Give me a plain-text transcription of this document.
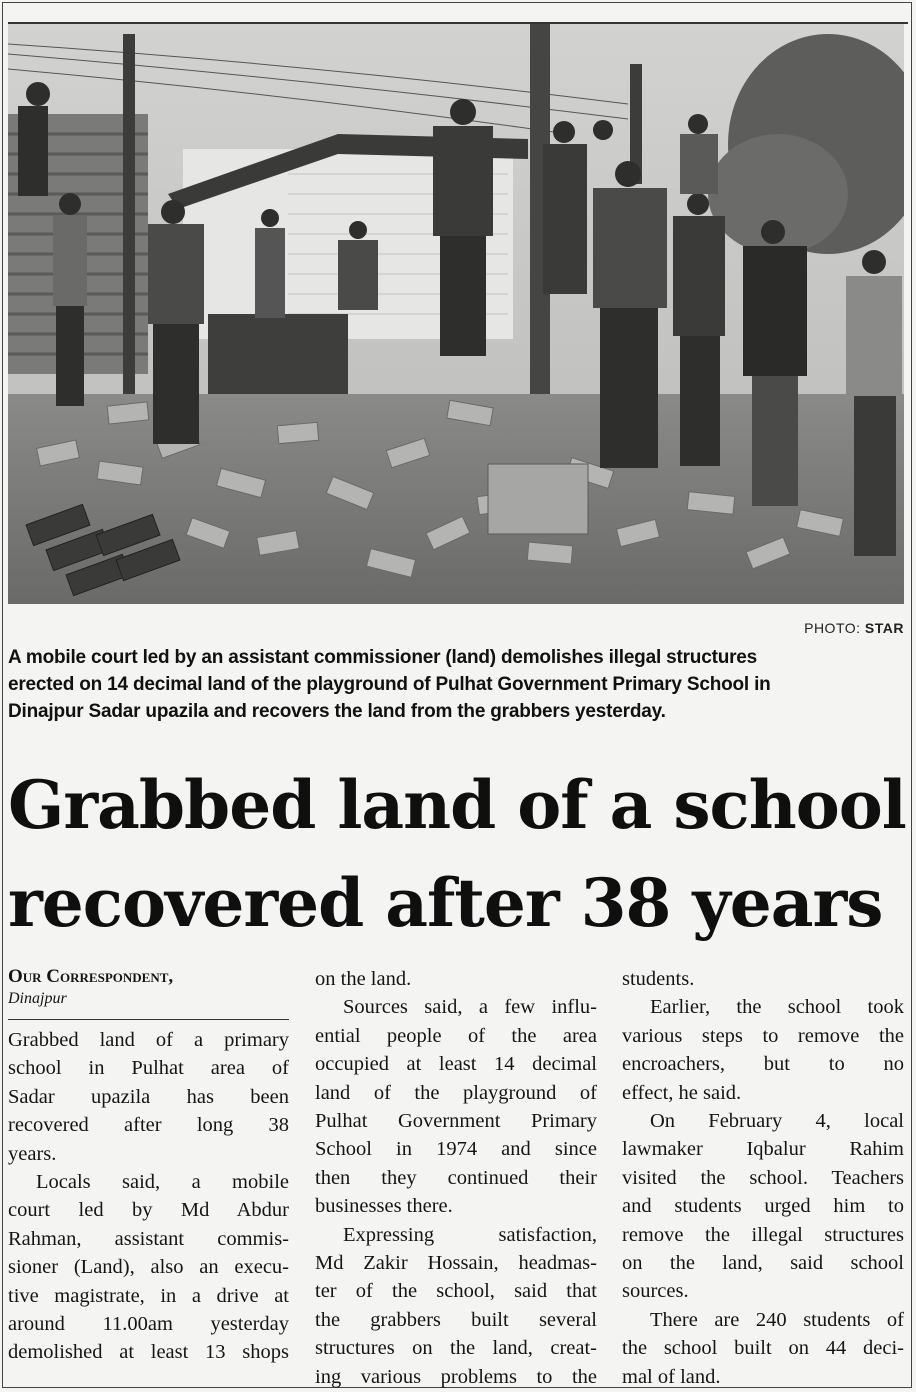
PHOTO: STAR
A mobile court led by an assistant commissioner (land) demolishes illegal structures
erected on 14 decimal land of the playground of Pulhat Government Primary School in
Dinajpur Sadar upazila and recovers the land from the grabbers yesterday.
Grabbed land of a school
recovered after 38 years
Our Correspondent,
Dinajpur
Grabbed land of a primary
school in Pulhat area of
Sadar upazila has been
recovered after long 38
years.
Locals said, a mobile
court led by Md Abdur
Rahman, assistant commis-
sioner (Land), also an execu-
tive magistrate, in a drive at
around 11.00am yesterday
demolished at least 13 shops
on the land.
Sources said, a few influ-
ential people of the area
occupied at least 14 decimal
land of the playground of
Pulhat Government Primary
School in 1974 and since
then they continued their
businesses there.
Expressing satisfaction,
Md Zakir Hossain, headmas-
ter of the school, said that
the grabbers built several
structures on the land, creat-
ing various problems to the
students.
Earlier, the school took
various steps to remove the
encroachers, but to no
effect, he said.
On February 4, local
lawmaker Iqbalur Rahim
visited the school. Teachers
and students urged him to
remove the illegal structures
on the land, said school
sources.
There are 240 students of
the school built on 44 deci-
mal of land.
